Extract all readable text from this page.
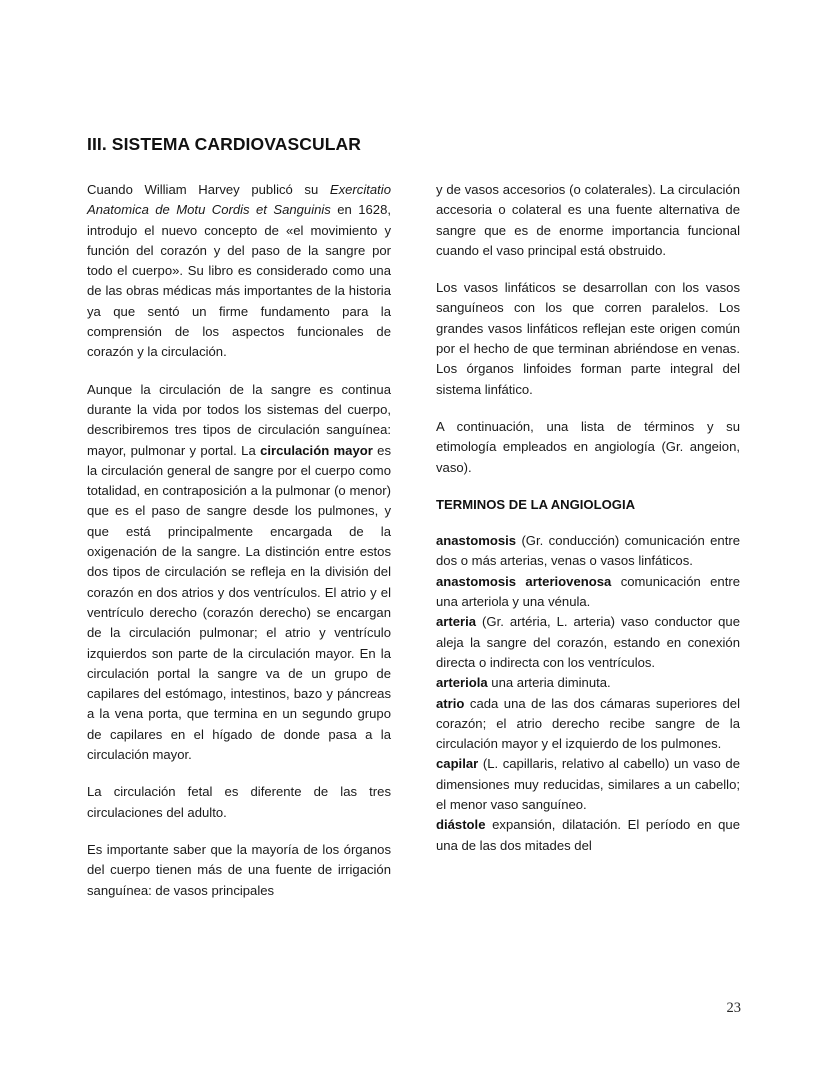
III. SISTEMA CARDIOVASCULAR

Cuando William Harvey publicó su Exercitatio Anatomica de Motu Cordis et Sanguinis en 1628, introdujo el nuevo concepto de «el movimiento y función del corazón y del paso de la sangre por todo el cuerpo». Su libro es considerado como una de las obras médicas más importantes de la historia ya que sentó un firme fundamento para la comprensión de los aspectos funcionales de corazón y la circulación.

Aunque la circulación de la sangre es continua durante la vida por todos los sistemas del cuerpo, describiremos tres tipos de circulación sanguínea: mayor, pulmonar y portal. La circulación mayor es la circulación general de sangre por el cuerpo como totalidad, en contraposición a la pulmonar (o menor) que es el paso de sangre desde los pulmones, y que está principalmente encargada de la oxigenación de la sangre. La distinción entre estos dos tipos de circulación se refleja en la división del corazón en dos atrios y dos ventrículos. El atrio y el ventrículo derecho (corazón derecho) se encargan de la circulación pulmonar; el atrio y ventrículo izquierdos son parte de la circulación mayor. En la circulación portal la sangre va de un grupo de capilares del estómago, intestinos, bazo y páncreas a la vena porta, que termina en un segundo grupo de capilares en el hígado de donde pasa a la circulación mayor.

La circulación fetal es diferente de las tres circulaciones del adulto.

Es importante saber que la mayoría de los órganos del cuerpo tienen más de una fuente de irrigación sanguínea: de vasos principales

y de vasos accesorios (o colaterales). La circulación accesoria o colateral es una fuente alternativa de sangre que es de enorme importancia funcional cuando el vaso principal está obstruido.

Los vasos linfáticos se desarrollan con los vasos sanguíneos con los que corren paralelos. Los grandes vasos linfáticos reflejan este origen común por el hecho de que terminan abriéndose en venas. Los órganos linfoides forman parte integral del sistema linfático.

A continuación, una lista de términos y su etimología empleados en angiología (Gr. angeion, vaso).

TERMINOS DE LA ANGIOLOGIA

anastomosis (Gr. conducción) comunicación entre dos o más arterias, venas o vasos linfáticos.

anastomosis arteriovenosa comunicación entre una arteriola y una vénula.

arteria (Gr. artéria, L. arteria) vaso conductor que aleja la sangre del corazón, estando en conexión directa o indirecta con los ventrículos.

arteriola una arteria diminuta.

atrio cada una de las dos cámaras superiores del corazón; el atrio derecho recibe sangre de la circulación mayor y el izquierdo de los pulmones.

capilar (L. capillaris, relativo al cabello) un vaso de dimensiones muy reducidas, similares a un cabello; el menor vaso sanguíneo.

diástole expansión, dilatación. El período en que una de las dos mitades del

23
